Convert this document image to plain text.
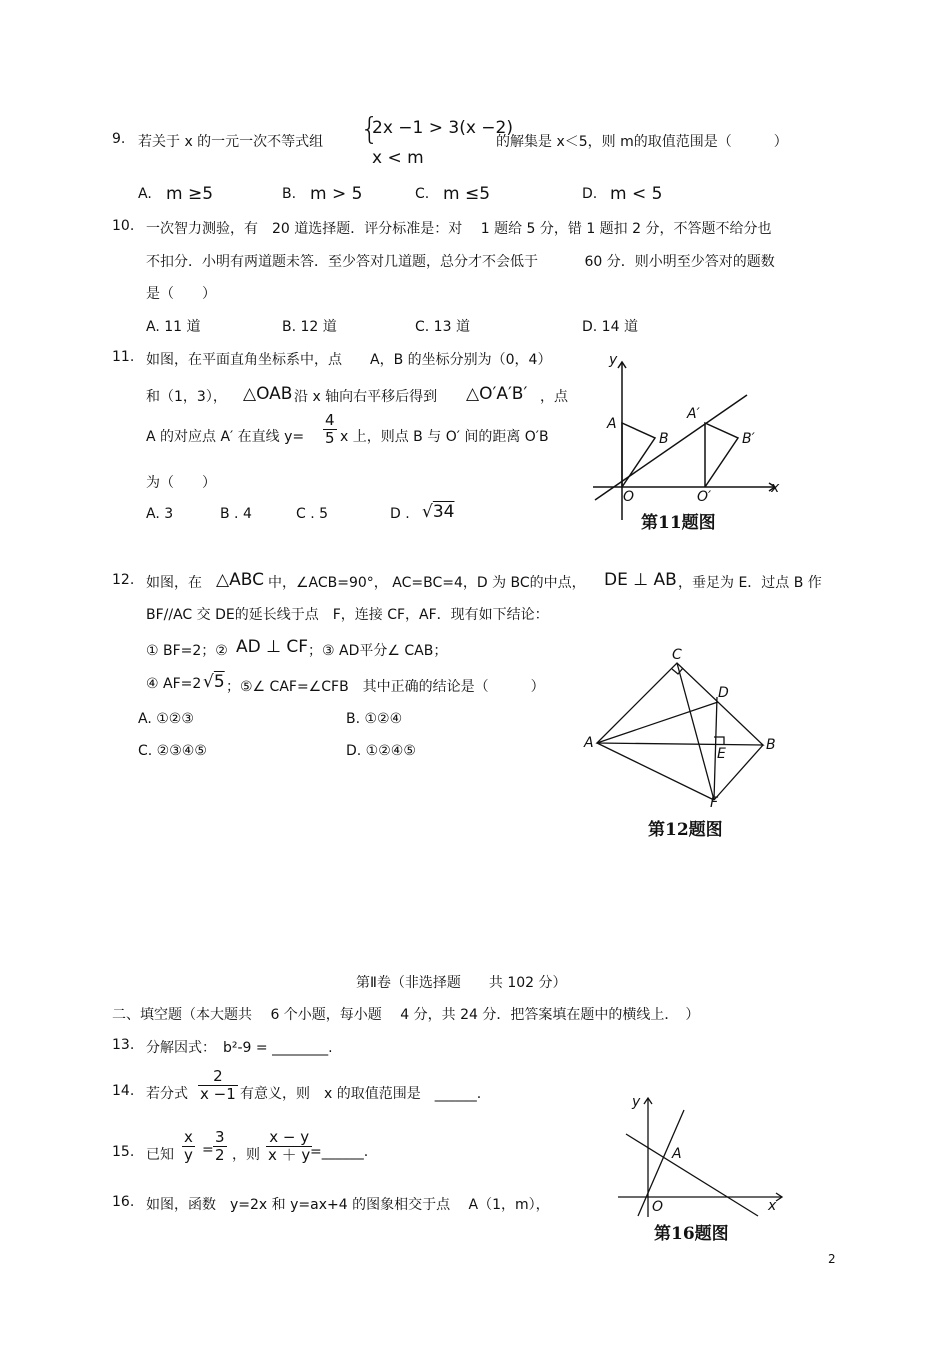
9. 若关于 x 的一元一次不等式组 {
2x −1 > 3(x −2)
x < m
的解集是 x＜5，则 m的取值范围是（　　　）
A. m ≥5	B. m > 5	C. m ≤5	D. m < 5
10. 一次智力测验，有　20 道选择题．评分标准是：对　 1 题给 5 分，错 1 题扣 2 分，不答题不给分也
不扣分．小明有两道题未答．至少答对几道题，总分才不会低于　　　 60 分．则小明至少答对的题数
是（　　）
A. 11 道	B. 12 道	C. 13 道	D. 14 道
11. 如图，在平面直角坐标系中，点　　A，B 的坐标分别为（0，4）
和（1，3）， △OAB 沿 x 轴向右平移后得到 △O′A′B′ ，点
A 的对应点 A′ 在直线 $y= \frac{4}{5}$ x 上，则点 B 与 O′ 间的距离 O′B
为（　　）
A. 3	B . 4	C . 5	D . √34
y
x
A
B
A′
B′
O	O′
第11题图
12. 如图，在 △ABC 中，∠ACB=90°， AC=BC=4，D 为 BC的中点， DE ⊥ AB ，垂足为 E．过点 B 作
BF//AC 交 DE的延长线于点　F，连接 CF，AF．现有如下结论：
① BF=2；② AD ⊥ CF ；③ AD平分∠ CAB；
④ AF=2 √5 ；⑤∠ CAF=∠CFB　其中正确的结论是（　　　）
A. ①②③	B. ①②④
C. ②③④⑤	D. ①②④⑤
C
D
A
E
B
F
第12题图
第Ⅱ卷（非选择题　　共 102 分）
二、填空题（本大题共　 6 个小题，每小题　 4 分，共 24 分．把答案填在题中的横线上．　）
13. 分解因式：　b²-9 = ________.
14. 若分式 $\frac{2}{x -1}$ 有意义，则　x 的取值范围是　______.
15. 已知 $\frac{x}{y} = \frac{3}{2}$ ，则 $\frac{x - y}{x + y}$
=______.
16. 如图，函数　y=2x 和 y=ax+4 的图象相交于点　 A（1，m），
y
x
A
O
第16题图
2
